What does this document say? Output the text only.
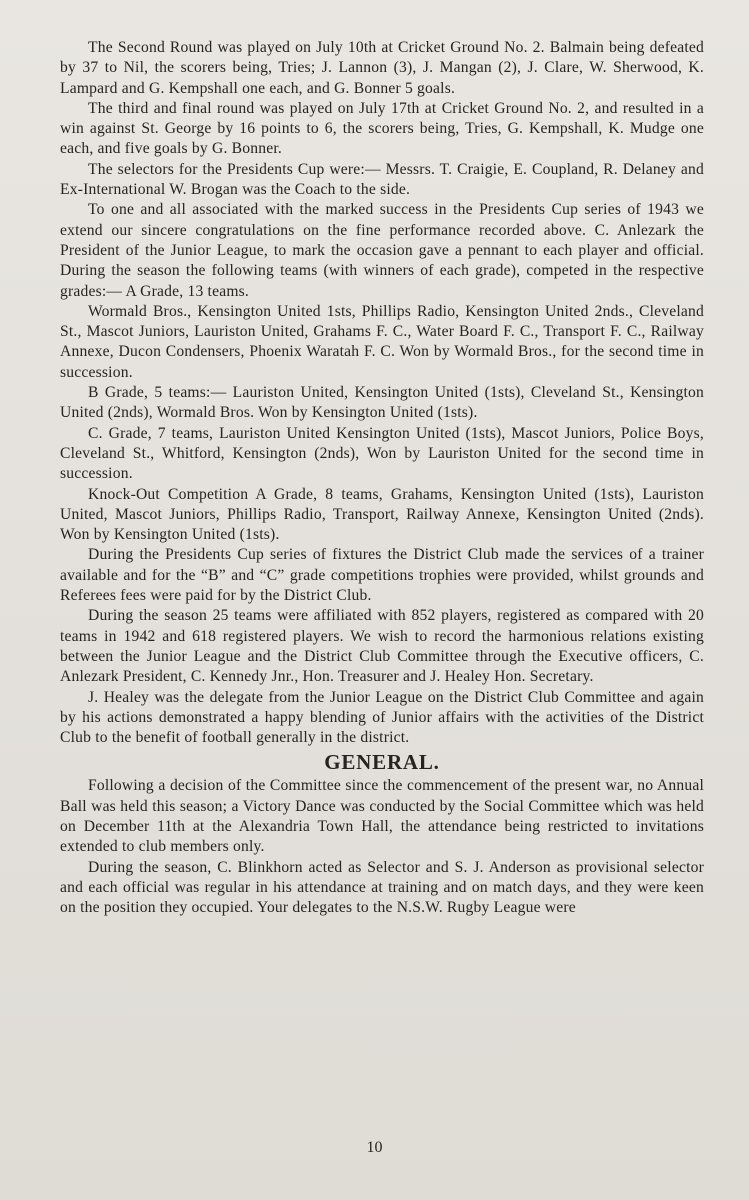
The Second Round was played on July 10th at Cricket Ground No. 2. Balmain being defeated by 37 to Nil, the scorers being, Tries; J. Lannon (3), J. Mangan (2), J. Clare, W. Sherwood, K. Lampard and G. Kempshall one each, and G. Bonner 5 goals.

The third and final round was played on July 17th at Cricket Ground No. 2, and resulted in a win against St. George by 16 points to 6, the scorers being, Tries, G. Kempshall, K. Mudge one each, and five goals by G. Bonner.

The selectors for the Presidents Cup were:— Messrs. T. Craigie, E. Coupland, R. Delaney and Ex-International W. Brogan was the Coach to the side.

To one and all associated with the marked success in the Presidents Cup series of 1943 we extend our sincere congratulations on the fine performance recorded above. C. Anlezark the President of the Junior League, to mark the occasion gave a pennant to each player and official. During the season the following teams (with winners of each grade), competed in the respective grades:— A Grade, 13 teams.

Wormald Bros., Kensington United 1sts, Phillips Radio, Kensington United 2nds., Cleveland St., Mascot Juniors, Lauriston United, Grahams F. C., Water Board F. C., Transport F. C., Railway Annexe, Ducon Condensers, Phoenix Waratah F. C. Won by Wormald Bros., for the second time in succession.

B Grade, 5 teams:— Lauriston United, Kensington United (1sts), Cleveland St., Kensington United (2nds), Wormald Bros. Won by Kensington United (1sts).

C. Grade, 7 teams, Lauriston United Kensington United (1sts), Mascot Juniors, Police Boys, Cleveland St., Whitford, Kensington (2nds), Won by Lauriston United for the second time in succession.

Knock-Out Competition A Grade, 8 teams, Grahams, Kensington United (1sts), Lauriston United, Mascot Juniors, Phillips Radio, Transport, Railway Annexe, Kensington United (2nds). Won by Kensington United (1sts).

During the Presidents Cup series of fixtures the District Club made the services of a trainer available and for the “B” and “C” grade competitions trophies were provided, whilst grounds and Referees fees were paid for by the District Club.

During the season 25 teams were affiliated with 852 players, registered as compared with 20 teams in 1942 and 618 registered players. We wish to record the harmonious relations existing between the Junior League and the District Club Committee through the Executive officers, C. Anlezark President, C. Kennedy Jnr., Hon. Treasurer and J. Healey Hon. Secretary.

J. Healey was the delegate from the Junior League on the District Club Committee and again by his actions demonstrated a happy blending of Junior affairs with the activities of the District Club to the benefit of football generally in the district.

GENERAL.

Following a decision of the Committee since the commencement of the present war, no Annual Ball was held this season; a Victory Dance was conducted by the Social Committee which was held on December 11th at the Alexandria Town Hall, the attendance being restricted to invitations extended to club members only.

During the season, C. Blinkhorn acted as Selector and S. J. Anderson as provisional selector and each official was regular in his attendance at training and on match days, and they were keen on the position they occupied. Your delegates to the N.S.W. Rugby League were

10
